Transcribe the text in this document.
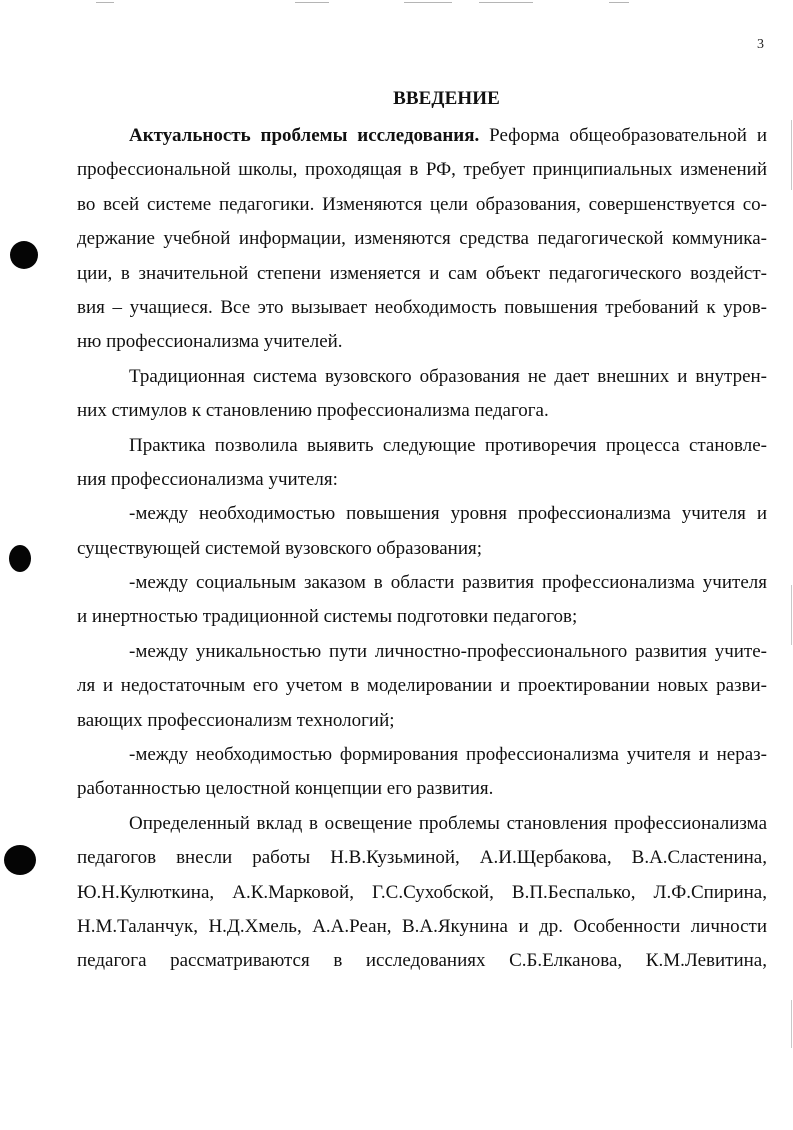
3
ВВЕДЕНИЕ
Актуальность проблемы исследования. Реформа общеобразовательной и
профессиональной школы, проходящая в РФ, требует принципиальных изменений
во всей системе педагогики. Изменяются цели образования, совершенствуется со-
держание учебной информации, изменяются средства педагогической коммуника-
ции, в значительной степени изменяется и сам объект педагогического воздейст-
вия – учащиеся. Все это вызывает необходимость повышения требований к уров-
ню профессионализма учителей.
Традиционная система вузовского образования не дает внешних и внутрен-
них стимулов к становлению профессионализма педагога.
Практика позволила выявить следующие противоречия процесса становле-
ния профессионализма учителя:
-между необходимостью повышения уровня профессионализма учителя и
существующей системой вузовского образования;
-между социальным заказом в области развития профессионализма учителя
и инертностью традиционной системы подготовки педагогов;
-между уникальностью пути личностно-профессионального развития учите-
ля и недостаточным его учетом в моделировании и проектировании новых разви-
вающих профессионализм технологий;
-между необходимостью формирования профессионализма учителя и нераз-
работанностью целостной концепции его развития.
Определенный вклад в освещение проблемы становления профессионализма
педагогов внесли работы Н.В.Кузьминой, А.И.Щербакова, В.А.Сластенина,
Ю.Н.Кулюткина, А.К.Марковой, Г.С.Сухобской, В.П.Беспалько, Л.Ф.Спирина,
Н.М.Таланчук, Н.Д.Хмель, А.А.Реан, В.А.Якунина и др. Особенности личности
педагога рассматриваются в исследованиях С.Б.Елканова, К.М.Левитина,
